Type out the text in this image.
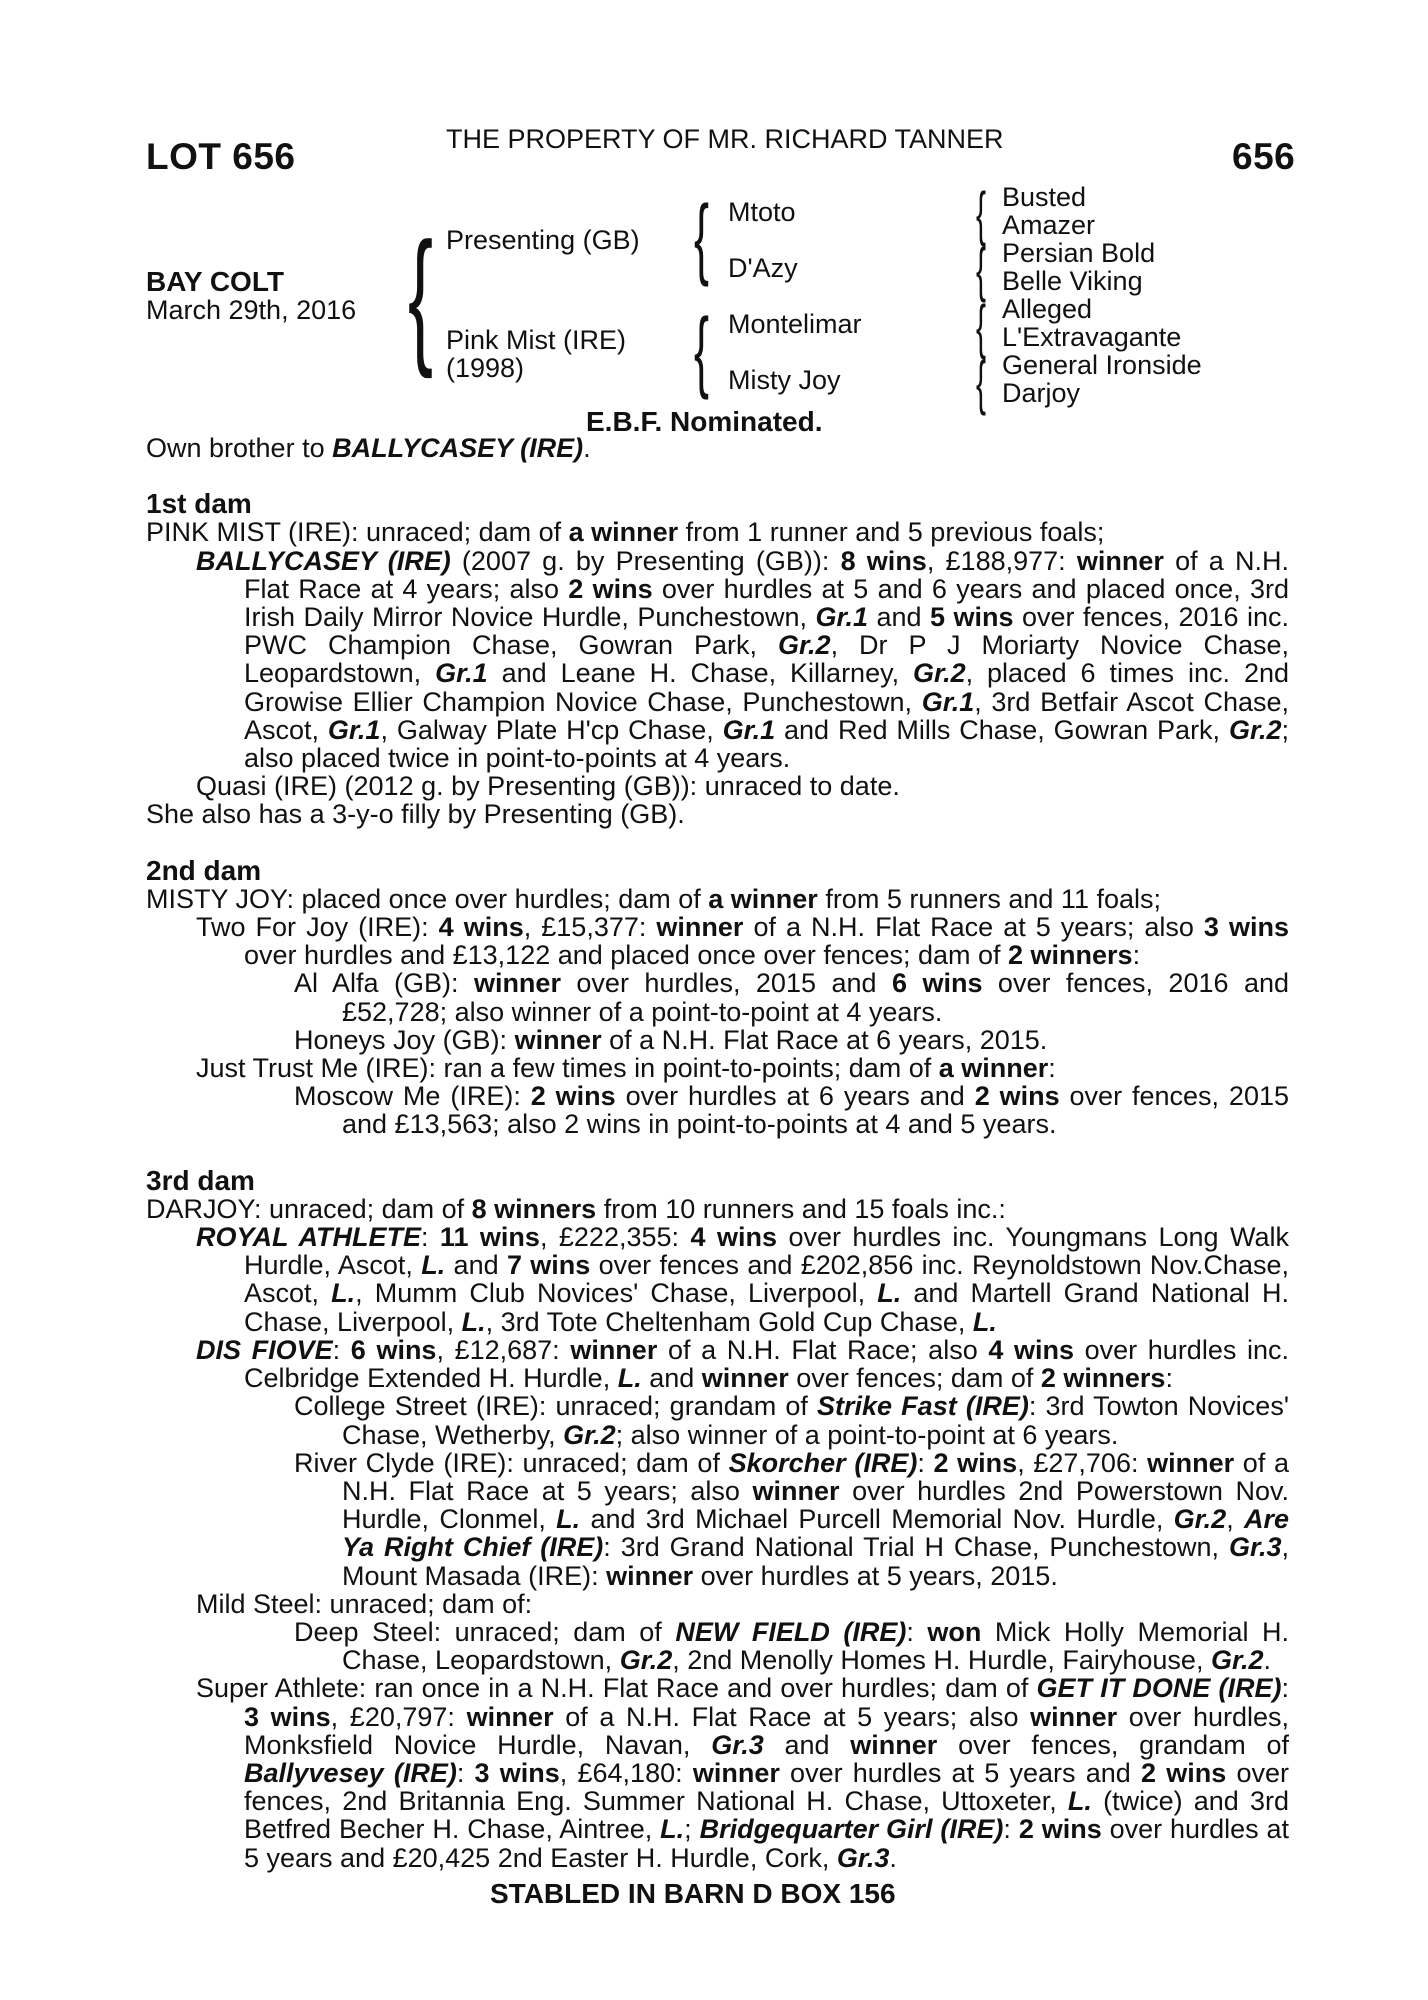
LOT 656	THE PROPERTY OF MR. RICHARD TANNER	656
BAY COLT
March 29th, 2016 { Presenting (GB)
Pink Mist (IRE)
(1998)
{
{
Mtoto
D'Azy
Montelimar
Misty Joy
{
{
{
{
Busted
Amazer
Persian Bold
Belle Viking
Alleged
L'Extravagante
General Ironside
Darjoy
E.B.F. Nominated.

Own brother to BALLYCASEY (IRE).

1st dam

PINK MIST (IRE): unraced; dam of a winner from 1 runner and 5 previous foals;

BALLYCASEY (IRE) (2007 g. by Presenting (GB)): 8 wins, £188,977: winner of a N.H. Flat Race at 4 years; also 2 wins over hurdles at 5 and 6 years and placed once, 3rd Irish Daily Mirror Novice Hurdle, Punchestown, Gr.1 and 5 wins over fences, 2016 inc. PWC Champion Chase, Gowran Park, Gr.2, Dr P J Moriarty Novice Chase, Leopardstown, Gr.1 and Leane H. Chase, Killarney, Gr.2, placed 6 times inc. 2nd Growise Ellier Champion Novice Chase, Punchestown, Gr.1, 3rd Betfair Ascot Chase, Ascot, Gr.1, Galway Plate H'cp Chase, Gr.1 and Red Mills Chase, Gowran Park, Gr.2; also placed twice in point-to-points at 4 years.

Quasi (IRE) (2012 g. by Presenting (GB)): unraced to date.

She also has a 3-y-o filly by Presenting (GB).

2nd dam

MISTY JOY: placed once over hurdles; dam of a winner from 5 runners and 11 foals;

Two For Joy (IRE): 4 wins, £15,377: winner of a N.H. Flat Race at 5 years; also 3 wins over hurdles and £13,122 and placed once over fences; dam of 2 winners:

Al Alfa (GB): winner over hurdles, 2015 and 6 wins over fences, 2016 and £52,728; also winner of a point-to-point at 4 years.

Honeys Joy (GB): winner of a N.H. Flat Race at 6 years, 2015.

Just Trust Me (IRE): ran a few times in point-to-points; dam of a winner:

Moscow Me (IRE): 2 wins over hurdles at 6 years and 2 wins over fences, 2015 and £13,563; also 2 wins in point-to-points at 4 and 5 years.

3rd dam

DARJOY: unraced; dam of 8 winners from 10 runners and 15 foals inc.:

ROYAL ATHLETE: 11 wins, £222,355: 4 wins over hurdles inc. Youngmans Long Walk Hurdle, Ascot, L. and 7 wins over fences and £202,856 inc. Reynoldstown Nov.Chase, Ascot, L., Mumm Club Novices' Chase, Liverpool, L. and Martell Grand National H. Chase, Liverpool, L., 3rd Tote Cheltenham Gold Cup Chase, L.

DIS FIOVE: 6 wins, £12,687: winner of a N.H. Flat Race; also 4 wins over hurdles inc. Celbridge Extended H. Hurdle, L. and winner over fences; dam of 2 winners:

College Street (IRE): unraced; grandam of Strike Fast (IRE): 3rd Towton Novices' Chase, Wetherby, Gr.2; also winner of a point-to-point at 6 years.

River Clyde (IRE): unraced; dam of Skorcher (IRE): 2 wins, £27,706: winner of a N.H. Flat Race at 5 years; also winner over hurdles 2nd Powerstown Nov. Hurdle, Clonmel, L. and 3rd Michael Purcell Memorial Nov. Hurdle, Gr.2, Are Ya Right Chief (IRE): 3rd Grand National Trial H Chase, Punchestown, Gr.3, Mount Masada (IRE): winner over hurdles at 5 years, 2015.

Mild Steel: unraced; dam of:

Deep Steel: unraced; dam of NEW FIELD (IRE): won Mick Holly Memorial H. Chase, Leopardstown, Gr.2, 2nd Menolly Homes H. Hurdle, Fairyhouse, Gr.2.

Super Athlete: ran once in a N.H. Flat Race and over hurdles; dam of GET IT DONE (IRE): 3 wins, £20,797: winner of a N.H. Flat Race at 5 years; also winner over hurdles, Monksfield Novice Hurdle, Navan, Gr.3 and winner over fences, grandam of Ballyvesey (IRE): 3 wins, £64,180: winner over hurdles at 5 years and 2 wins over fences, 2nd Britannia Eng. Summer National H. Chase, Uttoxeter, L. (twice) and 3rd Betfred Becher H. Chase, Aintree, L.; Bridgequarter Girl (IRE): 2 wins over hurdles at 5 years and £20,425 2nd Easter H. Hurdle, Cork, Gr.3.

STABLED IN BARN D BOX 156
